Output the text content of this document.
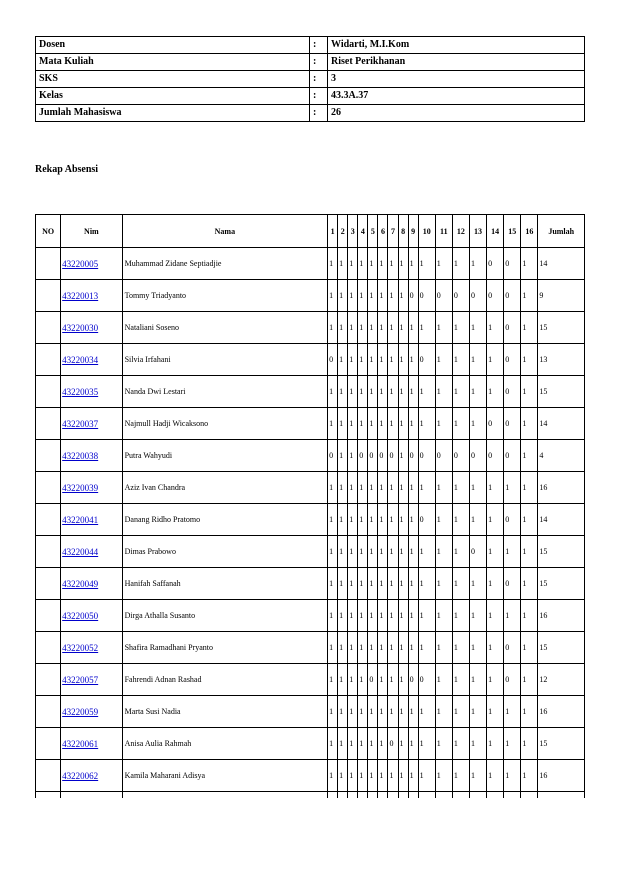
Dosen	:	Widarti, M.I.Kom
Mata Kuliah	:	Riset Perikhanan
SKS	:	3
Kelas	:	43.3A.37
Jumlah Mahasiswa	:	26

Rekap Absensi

NO	Nim	Nama	1	2	3	4	5	6	7	8	9	10	11	12	13	14	15	16	Jumlah
	43220005	Muhammad Zidane Septiadjie	1	1	1	1	1	1	1	1	1	1	1	1	1	0	0	1	14
	43220013	Tommy Triadyanto	1	1	1	1	1	1	1	1	0	0	0	0	0	0	0	1	9
	43220030	Nataliani Soseno	1	1	1	1	1	1	1	1	1	1	1	1	1	1	0	1	15
	43220034	Silvia Irfahani	0	1	1	1	1	1	1	1	1	0	1	1	1	1	0	1	13
	43220035	Nanda Dwi Lestari	1	1	1	1	1	1	1	1	1	1	1	1	1	1	0	1	15
	43220037	Najmull Hadji Wicaksono	1	1	1	1	1	1	1	1	1	1	1	1	1	0	0	1	14
	43220038	Putra Wahyudi	0	1	1	0	0	0	0	1	0	0	0	0	0	0	0	1	4
	43220039	Aziz Ivan Chandra	1	1	1	1	1	1	1	1	1	1	1	1	1	1	1	1	16
	43220041	Danang Ridho Pratomo	1	1	1	1	1	1	1	1	1	0	1	1	1	1	0	1	14
	43220044	Dimas Prabowo	1	1	1	1	1	1	1	1	1	1	1	1	0	1	1	1	15
	43220049	Hanifah Saffanah	1	1	1	1	1	1	1	1	1	1	1	1	1	1	0	1	15
	43220050	Dirga Athalla Susanto	1	1	1	1	1	1	1	1	1	1	1	1	1	1	1	1	16
	43220052	Shafira Ramadhani Pryanto	1	1	1	1	1	1	1	1	1	1	1	1	1	1	0	1	15
	43220057	Fahrendi Adnan Rashad	1	1	1	1	0	1	1	1	0	0	1	1	1	1	0	1	12
	43220059	Marta Susi Nadia	1	1	1	1	1	1	1	1	1	1	1	1	1	1	1	1	16
	43220061	Anisa Aulia Rahmah	1	1	1	1	1	1	0	1	1	1	1	1	1	1	1	1	15
	43220062	Kamila Maharani Adisya	1	1	1	1	1	1	1	1	1	1	1	1	1	1	1	1	16
